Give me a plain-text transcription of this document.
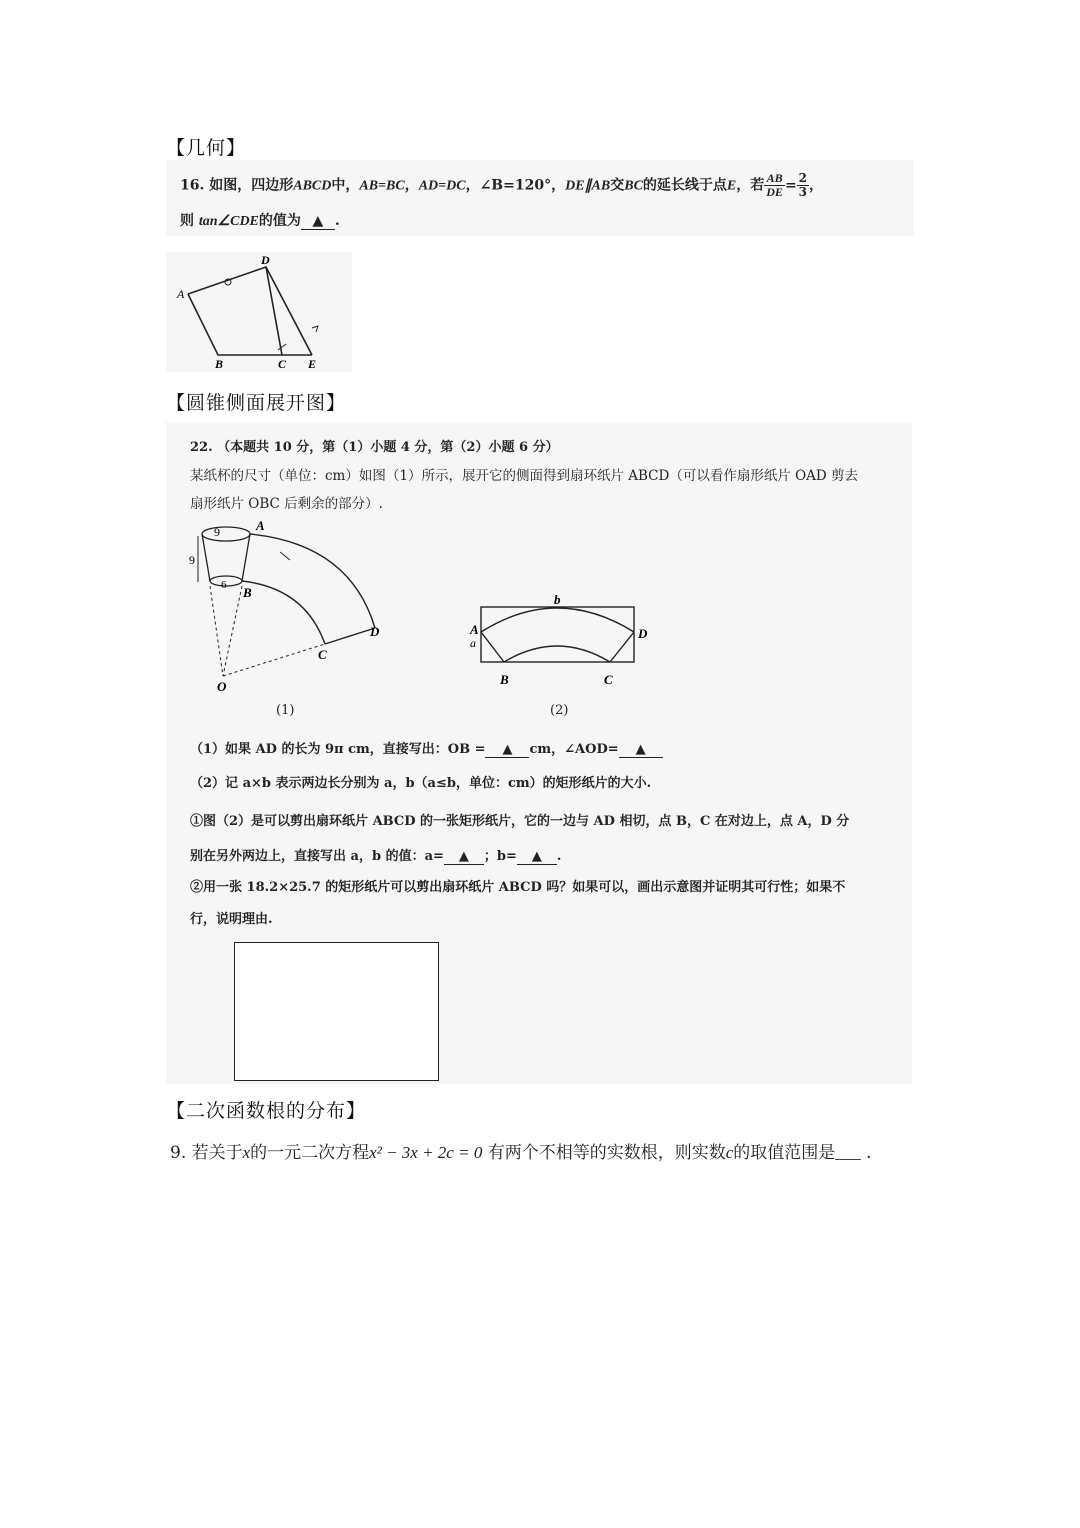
【几何】
16. 如图，四边形ABCD中，AB=BC，AD=DC，∠B=120°，DE∥AB交BC的延长线于点E，若 $\frac{AB}{DE} = \frac{2}{3}$ ，
则 tan∠CDE的值为 ▲ .
A
D
B	C E
【圆锥侧面展开图】
22. （本题共 10 分，第（1）小题 4 分，第（2）小题 6 分）
某纸杯的尺寸（单位：cm）如图（1）所示，展开它的侧面得到扇环纸片 ABCD（可以看作扇形纸片 OAD 剪去
扇形纸片 OBC 后剩余的部分）.
9
9
6
A
B
C
D
O
(1)
b
A
a
D
B	C
(2)
（1）如果 AD 的长为 9π cm，直接写出：OB = ▲ cm，∠AOD= ▲
（2）记 a×b 表示两边长分别为 a，b（a≤b，单位：cm）的矩形纸片的大小.
①图（2）是可以剪出扇环纸片 ABCD 的一张矩形纸片，它的一边与 AD 相切，点 B，C 在对边上，点 A，D 分
别在另外两边上，直接写出 a，b 的值：a= ▲ ；b= ▲ .
②用一张 18.2×25.7 的矩形纸片可以剪出扇环纸片 ABCD 吗？如果可以，画出示意图并证明其可行性；如果不
行，说明理由.
【二次函数根的分布】
9. 若关于x的一元二次方程x² − 3x + 2c = 0 有两个不相等的实数根，则实数c的取值范围是___ .
